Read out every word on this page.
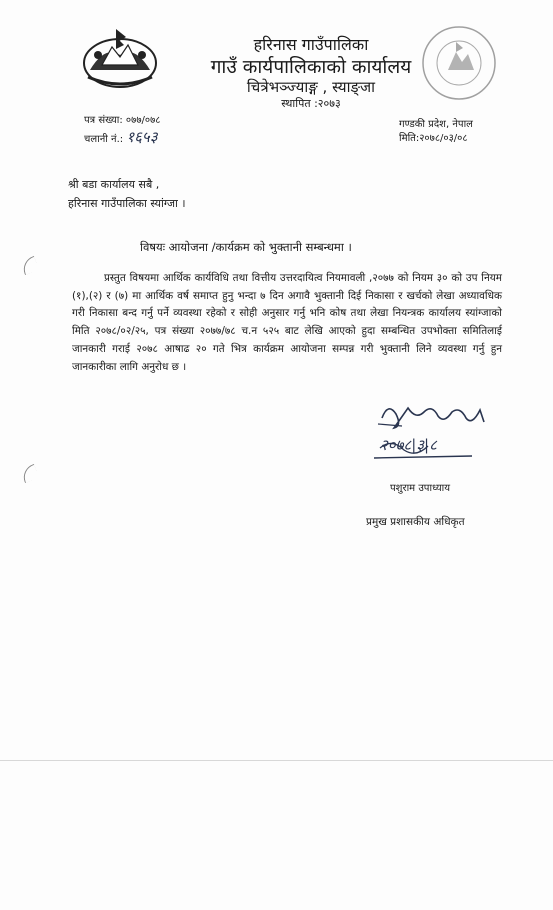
हरिनास गाउँपालिका
गाउँ कार्यपालिकाको कार्यालय
चित्रेभञ्ज्याङ्ग , स्याङ्जा
स्थापित :२०७३
पत्र संख्या: ०७७/०७८
चलानी नं.: १६५३
गण्डकी प्रदेश, नेपाल
मिति:२०७८/०३/०८
श्री बडा कार्यालय सबै ,
हरिनास गाउँपालिका स्यांग्जा ।
विषयः आयोजना /कार्यक्रम को भुक्तानी सम्बन्धमा ।
प्रस्तुत विषयमा आर्थिक कार्यविधि तथा वित्तीय उत्तरदायित्व नियमावली ,२०७७ को नियम ३० को उप नियम (१),(२) र (७) मा आर्थिक वर्ष समाप्त हुनु भन्दा ७ दिन अगावै भुक्तानी दिई निकासा र खर्चको लेखा अध्यावधिक गरी निकासा बन्द गर्नु पर्ने व्यवस्था रहेको र सोही अनुसार गर्नु भनि कोष तथा लेखा नियन्त्रक कार्यालय स्यांग्जाको मिति २०७८/०२/२५, पत्र संख्या २०७७/७८ च.न ५२५ बाट लेखि आएको हुदा सम्बन्धित उपभोक्ता समितिलाई जानकारी गराई २०७८ आषाढ २० गते भित्र कार्यक्रम आयोजना सम्पन्न गरी भुक्तानी लिने व्यवस्था गर्नु हुन जानकारीका लागि अनुरोध छ ।
२०७८|३|८
पशुराम उपाध्याय
प्रमुख प्रशासकीय अधिकृत
